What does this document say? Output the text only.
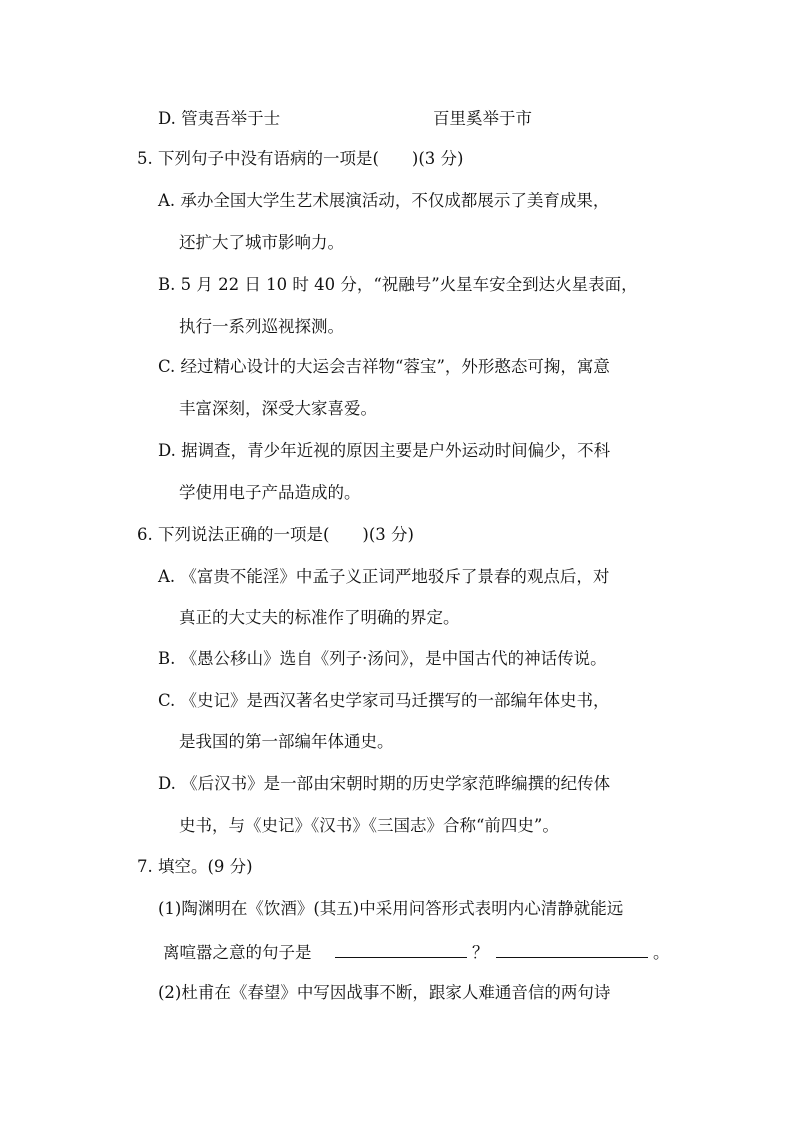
D. 管夷吾举于士	百里奚举于市
5. 下列句子中没有语病的一项是(　　)(3 分)
A. 承办全国大学生艺术展演活动，不仅成都展示了美育成果，
还扩大了城市影响力。
B. 5 月 22 日 10 时 40 分，“祝融号”火星车安全到达火星表面，
执行一系列巡视探测。
C. 经过精心设计的大运会吉祥物“蓉宝”，外形憨态可掬，寓意
丰富深刻，深受大家喜爱。
D. 据调查，青少年近视的原因主要是户外运动时间偏少，不科
学使用电子产品造成的。
6. 下列说法正确的一项是(　　)(3 分)
A. 《富贵不能淫》中孟子义正词严地驳斥了景春的观点后，对
真正的大丈夫的标准作了明确的界定。
B. 《愚公移山》选自《列子·汤问》，是中国古代的神话传说。
C. 《史记》是西汉著名史学家司马迁撰写的一部编年体史书，
是我国的第一部编年体通史。
D. 《后汉书》是一部由宋朝时期的历史学家范晔编撰的纪传体
史书，与《史记》《汉书》《三国志》合称“前四史”。
7. 填空。(9 分)
(1)陶渊明在《饮酒》(其五)中采用问答形式表明内心清静就能远
离喧嚣之意的句子是	？	。
(2)杜甫在《春望》中写因战事不断，跟家人难通音信的两句诗
